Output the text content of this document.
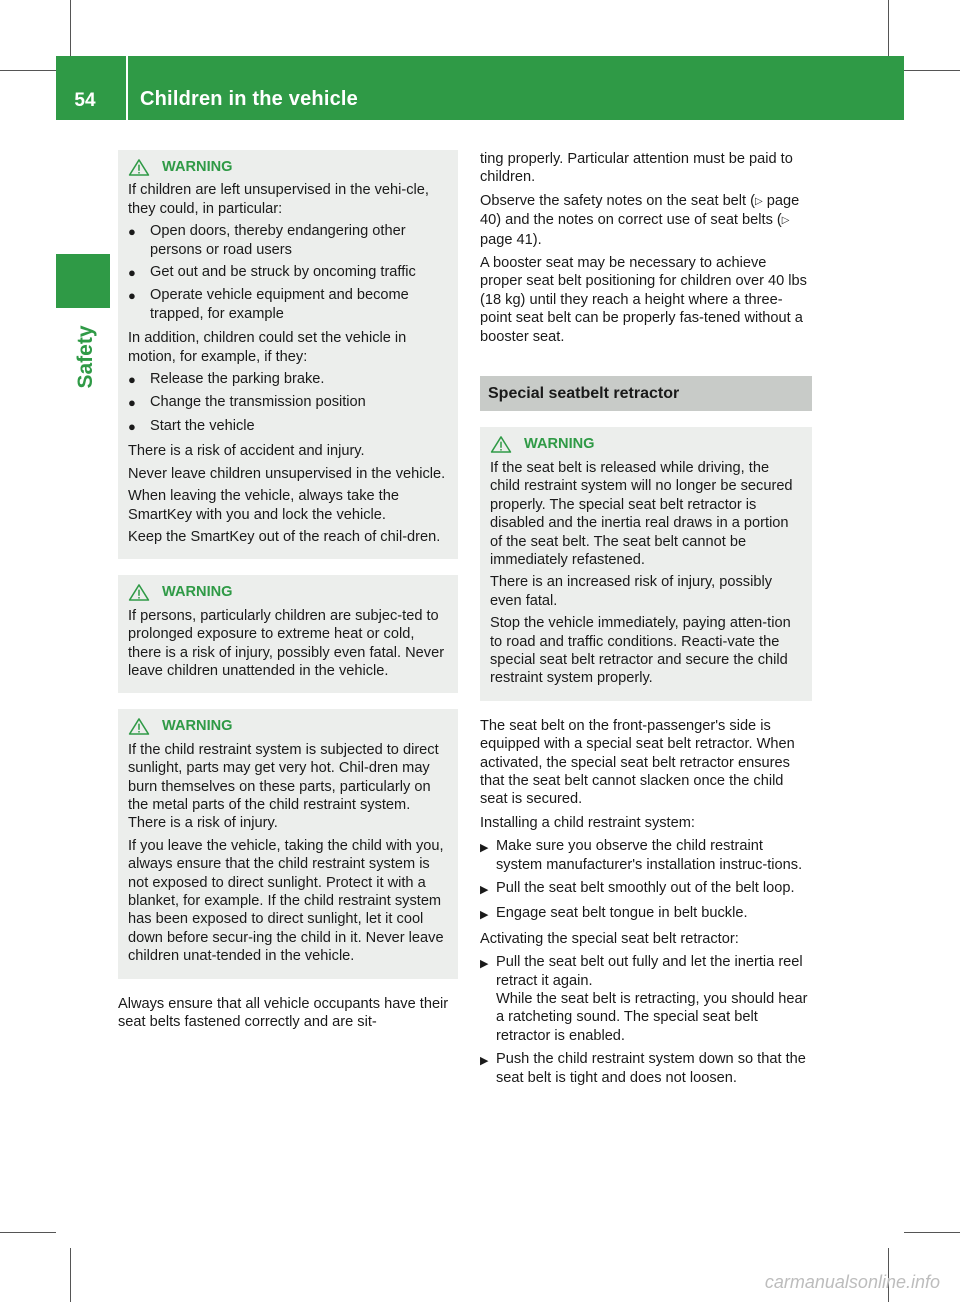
54	Children in the vehicle
Safety
WARNING

If children are left unsupervised in the vehi-cle, they could, in particular:

● Open doors, thereby endangering other persons or road users
● Get out and be struck by oncoming traffic
● Operate vehicle equipment and become trapped, for example

In addition, children could set the vehicle in motion, for example, if they:

● Release the parking brake.
● Change the transmission position
● Start the vehicle

There is a risk of accident and injury.

Never leave children unsupervised in the vehicle.

When leaving the vehicle, always take the SmartKey with you and lock the vehicle.

Keep the SmartKey out of the reach of chil-dren.

WARNING

If persons, particularly children are subjec-ted to prolonged exposure to extreme heat or cold, there is a risk of injury, possibly even fatal. Never leave children unattended in the vehicle.

WARNING

If the child restraint system is subjected to direct sunlight, parts may get very hot. Chil-dren may burn themselves on these parts, particularly on the metal parts of the child restraint system. There is a risk of injury.

If you leave the vehicle, taking the child with you, always ensure that the child restraint system is not exposed to direct sunlight. Protect it with a blanket, for example. If the child restraint system has been exposed to direct sunlight, let it cool down before secur-ing the child in it. Never leave children unat-tended in the vehicle.

Always ensure that all vehicle occupants have their seat belts fastened correctly and are sit-

ting properly. Particular attention must be paid to children.

Observe the safety notes on the seat belt (▷ page 40) and the notes on correct use of seat belts (▷ page 41).

A booster seat may be necessary to achieve proper seat belt positioning for children over 40 lbs (18 kg) until they reach a height where a three-point seat belt can be properly fas-tened without a booster seat.

Special seatbelt retractor
WARNING

If the seat belt is released while driving, the child restraint system will no longer be secured properly. The special seat belt retractor is disabled and the inertia real draws in a portion of the seat belt. The seat belt cannot be immediately refastened.

There is an increased risk of injury, possibly even fatal.

Stop the vehicle immediately, paying atten-tion to road and traffic conditions. Reacti-vate the special seat belt retractor and secure the child restraint system properly.

The seat belt on the front-passenger's side is equipped with a special seat belt retractor. When activated, the special seat belt retractor ensures that the seat belt cannot slacken once the child seat is secured.

Installing a child restraint system:

▶ Make sure you observe the child restraint system manufacturer's installation instruc-tions.
▶ Pull the seat belt smoothly out of the belt loop.
▶ Engage seat belt tongue in belt buckle.

Activating the special seat belt retractor:

▶ Pull the seat belt out fully and let the inertia reel retract it again.
While the seat belt is retracting, you should hear a ratcheting sound. The special seat belt retractor is enabled.
▶ Push the child restraint system down so that the seat belt is tight and does not loosen.
carmanualsonline.info
